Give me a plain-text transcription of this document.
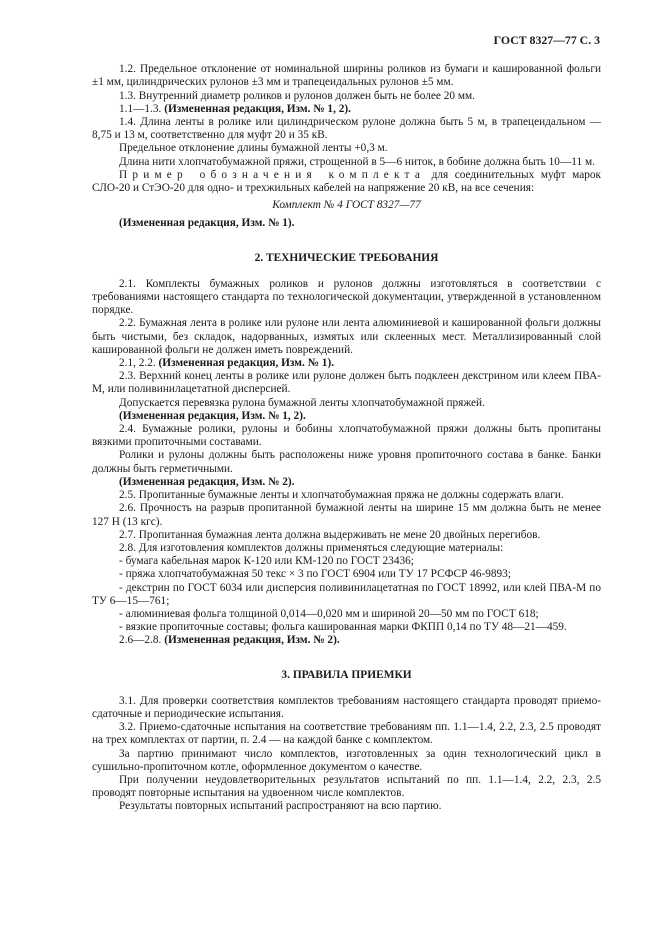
ГОСТ 8327—77 С. 3

1.2. Предельное отклонение от номинальной ширины роликов из бумаги и кашированной фольги ±1 мм, цилиндрических рулонов ±3 мм и трапецеидальных рулонов ±5 мм.

1.3. Внутренний диаметр роликов и рулонов должен быть не более 20 мм.

1.1—1.3. (Измененная редакция, Изм. № 1, 2).

1.4. Длина ленты в ролике или цилиндрическом рулоне должна быть 5 м, в трапецеидальном — 8,75 и 13 м, соответственно для муфт 20 и 35 кВ.

Предельное отклонение длины бумажной ленты +0,3 м.

Длина нити хлопчатобумажной пряжи, строщенной в 5—6 ниток, в бобине должна быть 10—11 м.

Пример обозначения комплекта для соединительных муфт марок СЛО-20 и СтЭО-20 для одно- и трехжильных кабелей на напряжение 20 кВ, на все сечения:

Комплект № 4 ГОСТ 8327—77

(Измененная редакция, Изм. № 1).

2. ТЕХНИЧЕСКИЕ ТРЕБОВАНИЯ

2.1. Комплекты бумажных роликов и рулонов должны изготовляться в соответствии с требованиями настоящего стандарта по технологической документации, утвержденной в установленном порядке.

2.2. Бумажная лента в ролике или рулоне или лента алюминиевой и кашированной фольги должны быть чистыми, без складок, надорванных, измятых или склеенных мест. Металлизированный слой кашированной фольги не должен иметь повреждений.

2.1, 2.2. (Измененная редакция, Изм. № 1).

2.3. Верхний конец ленты в ролике или рулоне должен быть подклеен декстрином или клеем ПВА-М, или поливинилацетатной дисперсией.

Допускается перевязка рулона бумажной ленты хлопчатобумажной пряжей.

(Измененная редакция, Изм. № 1, 2).

2.4. Бумажные ролики, рулоны и бобины хлопчатобумажной пряжи должны быть пропитаны вязкими пропиточными составами.

Ролики и рулоны должны быть расположены ниже уровня пропиточного состава в банке. Банки должны быть герметичными.

(Измененная редакция, Изм. № 2).

2.5. Пропитанные бумажные ленты и хлопчатобумажная пряжа не должны содержать влаги.

2.6. Прочность на разрыв пропитанной бумажной ленты на ширине 15 мм должна быть не менее 127 Н (13 кгс).

2.7. Пропитанная бумажная лента должна выдерживать не мене 20 двойных перегибов.

2.8. Для изготовления комплектов должны применяться следующие материалы:

- бумага кабельная марок К-120 или КМ-120 по ГОСТ 23436;

- пряжа хлопчатобумажная 50 текс × 3 по ГОСТ 6904 или ТУ 17 РСФСР 46-9893;

- декстрин по ГОСТ 6034 или дисперсия поливинилацетатная по ГОСТ 18992, или клей ПВА-М по ТУ 6—15—761;

- алюминиевая фольга толщиной 0,014—0,020 мм и шириной 20—50 мм по ГОСТ 618;

- вязкие пропиточные составы; фольга кашированная марки ФКПП 0,14 по ТУ 48—21—459.

2.6—2.8. (Измененная редакция, Изм. № 2).

3. ПРАВИЛА ПРИЕМКИ

3.1. Для проверки соответствия комплектов требованиям настоящего стандарта проводят приемо-сдаточные и периодические испытания.

3.2. Приемо-сдаточные испытания на соответствие требованиям пп. 1.1—1.4, 2.2, 2.3, 2.5 проводят на трех комплектах от партии, п. 2.4 — на каждой банке с комплектом.

За партию принимают число комплектов, изготовленных за один технологический цикл в сушильно-пропиточном котле, оформленное документом о качестве.

При получении неудовлетворительных результатов испытаний по пп. 1.1—1.4, 2.2, 2.3, 2.5 проводят повторные испытания на удвоенном числе комплектов.

Результаты повторных испытаний распространяют на всю партию.
